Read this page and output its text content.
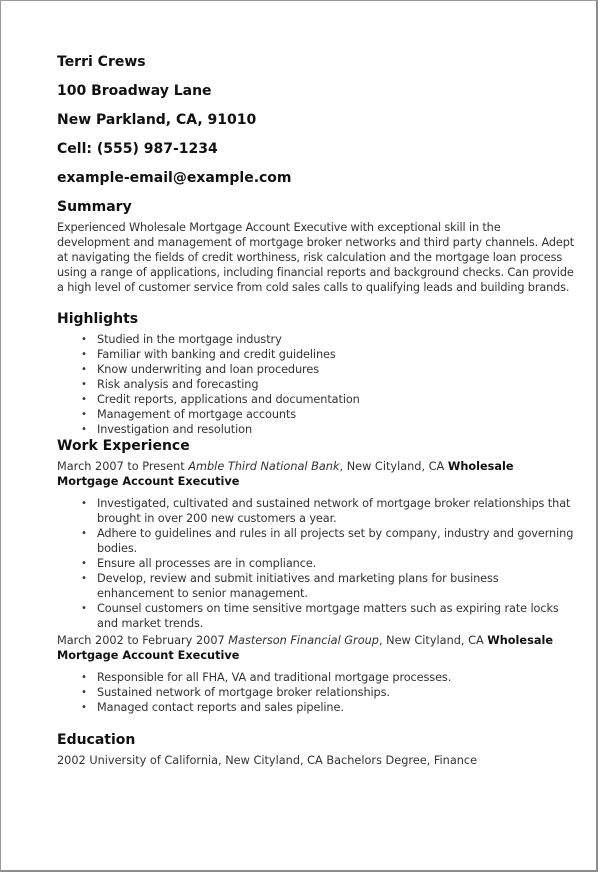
Terri Crews
100 Broadway Lane
New Parkland, CA, 91010
Cell: (555) 987-1234
example-email@example.com
Summary

Experienced Wholesale Mortgage Account Executive with exceptional skill in the development and management of mortgage broker networks and third party channels. Adept at navigating the fields of credit worthiness, risk calculation and the mortgage loan process using a range of applications, including financial reports and background checks. Can provide a high level of customer service from cold sales calls to qualifying leads and building brands.

Highlights
• Studied in the mortgage industry
• Familiar with banking and credit guidelines
• Know underwriting and loan procedures
• Risk analysis and forecasting
• Credit reports, applications and documentation
• Management of mortgage accounts
• Investigation and resolution
Work Experience
March 2007 to Present Amble Third National Bank, New Cityland, CA Wholesale Mortgage Account Executive
• Investigated, cultivated and sustained network of mortgage broker relationships that brought in over 200 new customers a year.
• Adhere to guidelines and rules in all projects set by company, industry and governing bodies.
• Ensure all processes are in compliance.
• Develop, review and submit initiatives and marketing plans for business enhancement to senior management.
• Counsel customers on time sensitive mortgage matters such as expiring rate locks and market trends.
March 2002 to February 2007 Masterson Financial Group, New Cityland, CA Wholesale Mortgage Account Executive
• Responsible for all FHA, VA and traditional mortgage processes.
• Sustained network of mortgage broker relationships.
• Managed contact reports and sales pipeline.
Education
2002 University of California, New Cityland, CA Bachelors Degree, Finance
